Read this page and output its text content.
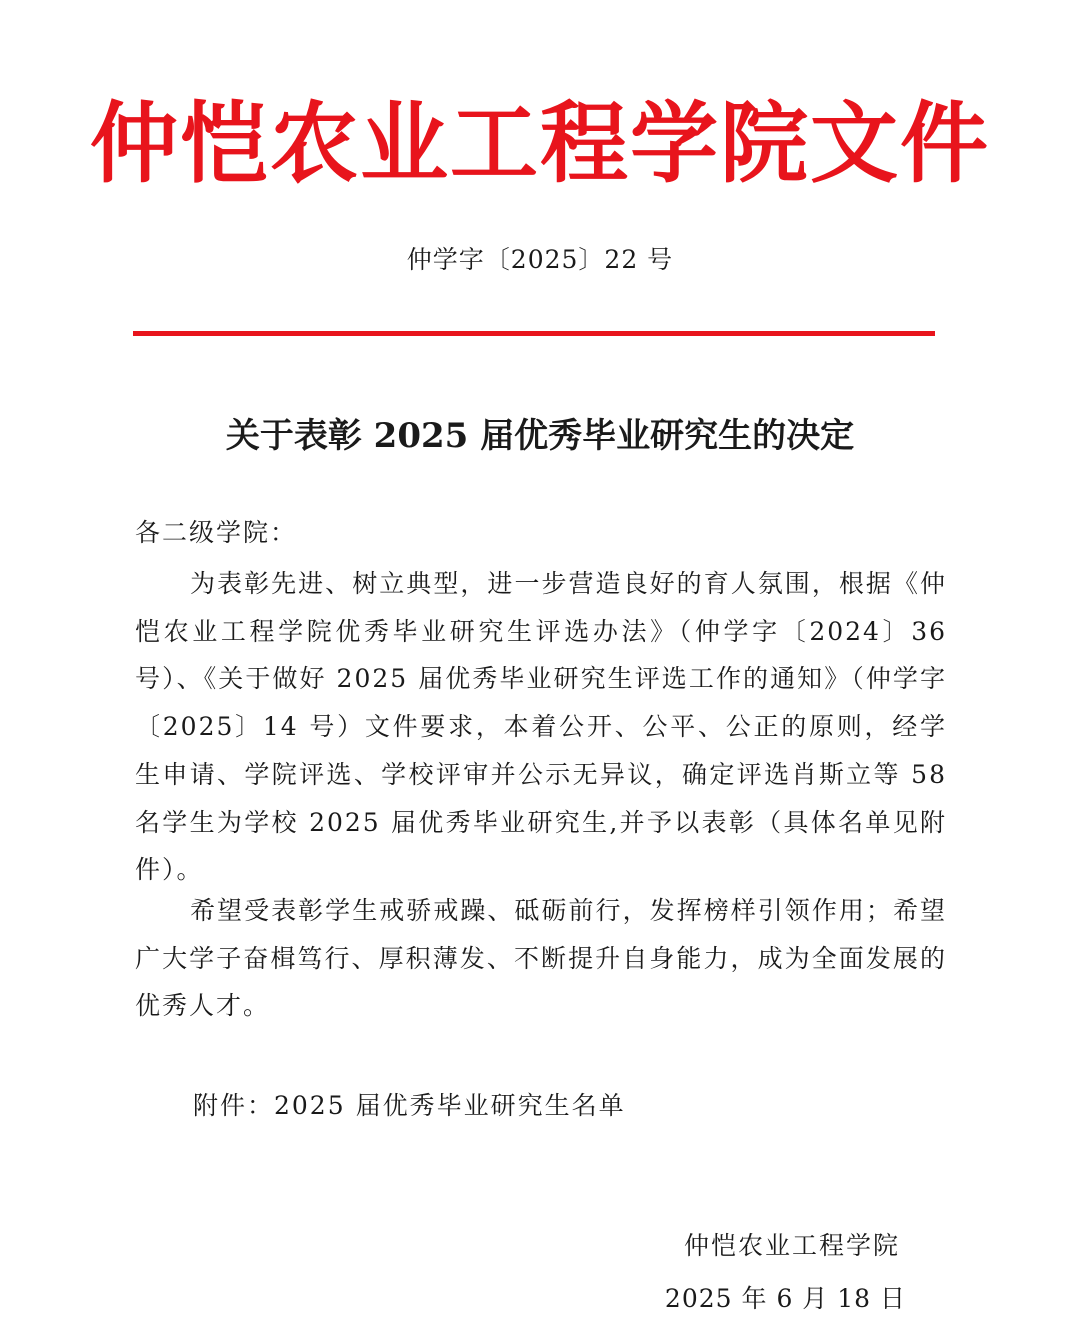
仲恺农业工程学院文件
仲学字〔2025〕22 号
关于表彰 2025 届优秀毕业研究生的决定
各二级学院：

为表彰先进、树立典型，进一步营造良好的育人氛围，根据《仲恺农业工程学院优秀毕业研究生评选办法》（仲学字〔2024〕36 号）、《关于做好 2025 届优秀毕业研究生评选工作的通知》（仲学字〔2025〕14 号）文件要求，本着公开、公平、公正的原则，经学生申请、学院评选、学校评审并公示无异议，确定评选肖斯立等 58 名学生为学校 2025 届优秀毕业研究生,并予以表彰（具体名单见附件）。

希望受表彰学生戒骄戒躁、砥砺前行，发挥榜样引领作用；希望广大学子奋楫笃行、厚积薄发、不断提升自身能力，成为全面发展的优秀人才。

附件：2025 届优秀毕业研究生名单
仲恺农业工程学院
2025 年 6 月 18 日
